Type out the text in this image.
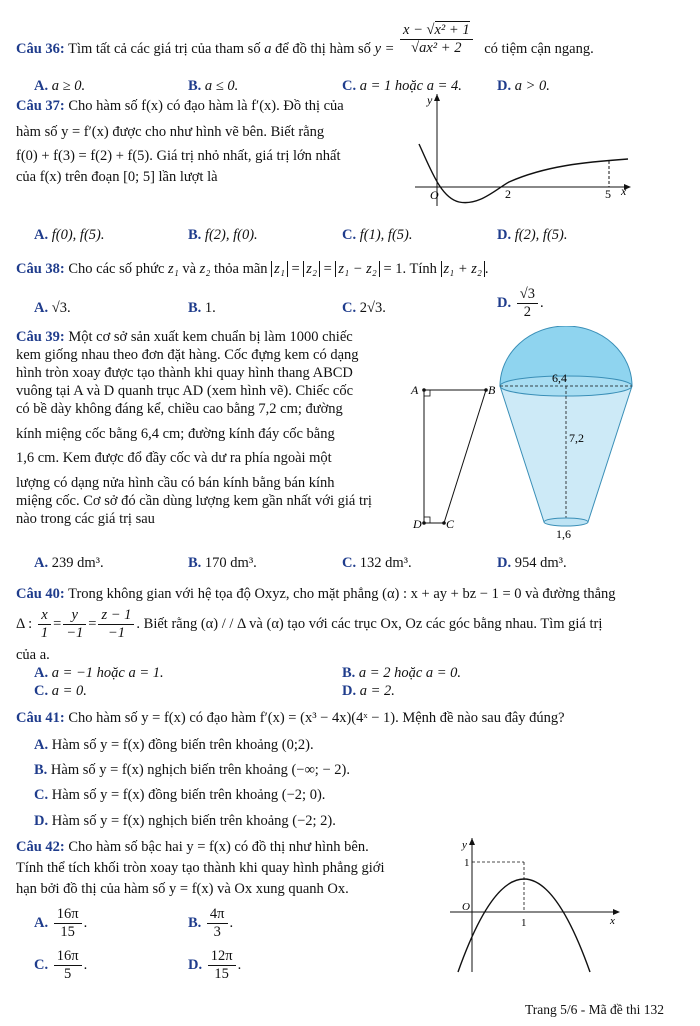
Câu 36: Tìm tất cả các giá trị của tham số a để đồ thị hàm số $y = \frac{\text{x − √x² + 1}}{\text{√ax² + 2}}$ có tiệm cận ngang.
A. a ≥ 0.	B. a ≤ 0.	C. a = 1 hoặc a = 4. D. a > 0.
Câu 37: Cho hàm số f(x) có đạo hàm là f′(x). Đồ thị của
hàm số y = f′(x) được cho như hình vẽ bên. Biết rằng
f(0) + f(3) = f(2) + f(5). Giá trị nhỏ nhất, giá trị lớn nhất
của f(x) trên đoạn [0; 5] lần lượt là
y
x
O	2	5
A. f(0), f(5).	B. f(2), f(0).	C. f(1), f(5).	D. f(2), f(5).
Câu 38: Cho các số phức z₁ và z₂ thỏa mãn z₁ = z₂ = z₁ − z₂ = 1. Tính z₁ + z₂ .
A. √3.	B. 1.	C. 2√3.	D. $\frac{√3}{2}$ .
Câu 39: Một cơ sở sản xuất kem chuẩn bị làm 1000 chiếc
kem giống nhau theo đơn đặt hàng. Cốc đựng kem có dạng
hình tròn xoay được tạo thành khi quay hình thang ABCD
vuông tại A và D quanh trục AD (xem hình vẽ). Chiếc cốc
có bề dày không đáng kể, chiều cao bằng 7,2 cm; đường
kính miệng cốc bằng 6,4 cm; đường kính đáy cốc bằng
1,6 cm. Kem được đổ đầy cốc và dư ra phía ngoài một
lượng có dạng nửa hình cầu có bán kính bằng bán kính
miệng cốc. Cơ sở đó cần dùng lượng kem gần nhất với giá trị
nào trong các giá trị sau
A	B
D C
6,4
7,2
1,6
A. 239 dm³.	B. 170 dm³.	C. 132 dm³.	D. 954 dm³.
Câu 40: Trong không gian với hệ tọa độ Oxyz, cho mặt phẳng (α) : x + ay + bz − 1 = 0 và đường thẳng
Δ : $\frac{x}{1} = \frac{y}{-1} = \frac{z - 1}{-1}$ . Biết rằng (α) / / Δ và (α) tạo với các trục Ox, Oz các góc bằng nhau. Tìm giá trị
của a.
A. a = −1 hoặc a = 1.	B. a = 2 hoặc a = 0.
C. a = 0.	D. a = 2.
Câu 41: Cho hàm số y = f(x) có đạo hàm f′(x) = (x³ − 4x)(4ˣ − 1). Mệnh đề nào sau đây đúng?
A. Hàm số y = f(x) đồng biến trên khoảng (0;2).
B. Hàm số y = f(x) nghịch biến trên khoảng (−∞; − 2).
C. Hàm số y = f(x) đồng biến trên khoảng (−2; 0).
D. Hàm số y = f(x) nghịch biến trên khoảng (−2; 2).
Câu 42: Cho hàm số bậc hai y = f(x) có đồ thị như hình bên.
Tính thể tích khối tròn xoay tạo thành khi quay hình phẳng giới
hạn bởi đồ thị của hàm số y = f(x) và Ox xung quanh Ox.
A. $\frac{16\pi}{15}$ .	B. $\frac{4\pi}{3}$ .
C. $\frac{16\pi}{5}$ .	D. $\frac{12\pi}{15}$ .
y
x
O
1
1
Trang 5/6 - Mã đề thi 132
